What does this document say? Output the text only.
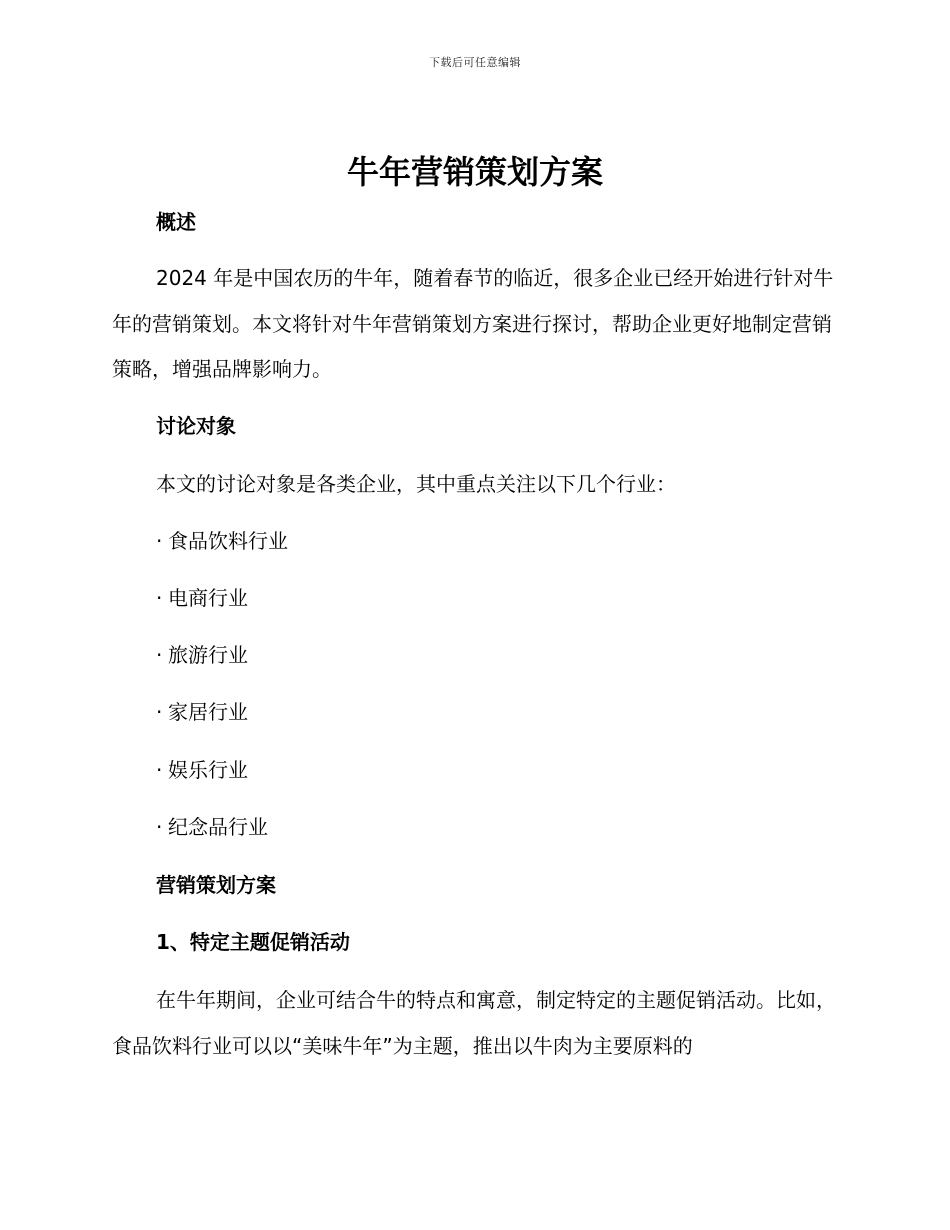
下载后可任意编辑
牛年营销策划方案
概述
2024 年是中国农历的牛年，随着春节的临近，很多企业已经开始进行针对牛年的营销策划。本文将针对牛年营销策划方案进行探讨，帮助企业更好地制定营销策略，增强品牌影响力。
讨论对象
本文的讨论对象是各类企业，其中重点关注以下几个行业：
· 食品饮料行业
· 电商行业
· 旅游行业
· 家居行业
· 娱乐行业
· 纪念品行业
营销策划方案
1、特定主题促销活动
在牛年期间，企业可结合牛的特点和寓意，制定特定的主题促销活动。比如，食品饮料行业可以以“美味牛年”为主题，推出以牛肉为主要原料的
